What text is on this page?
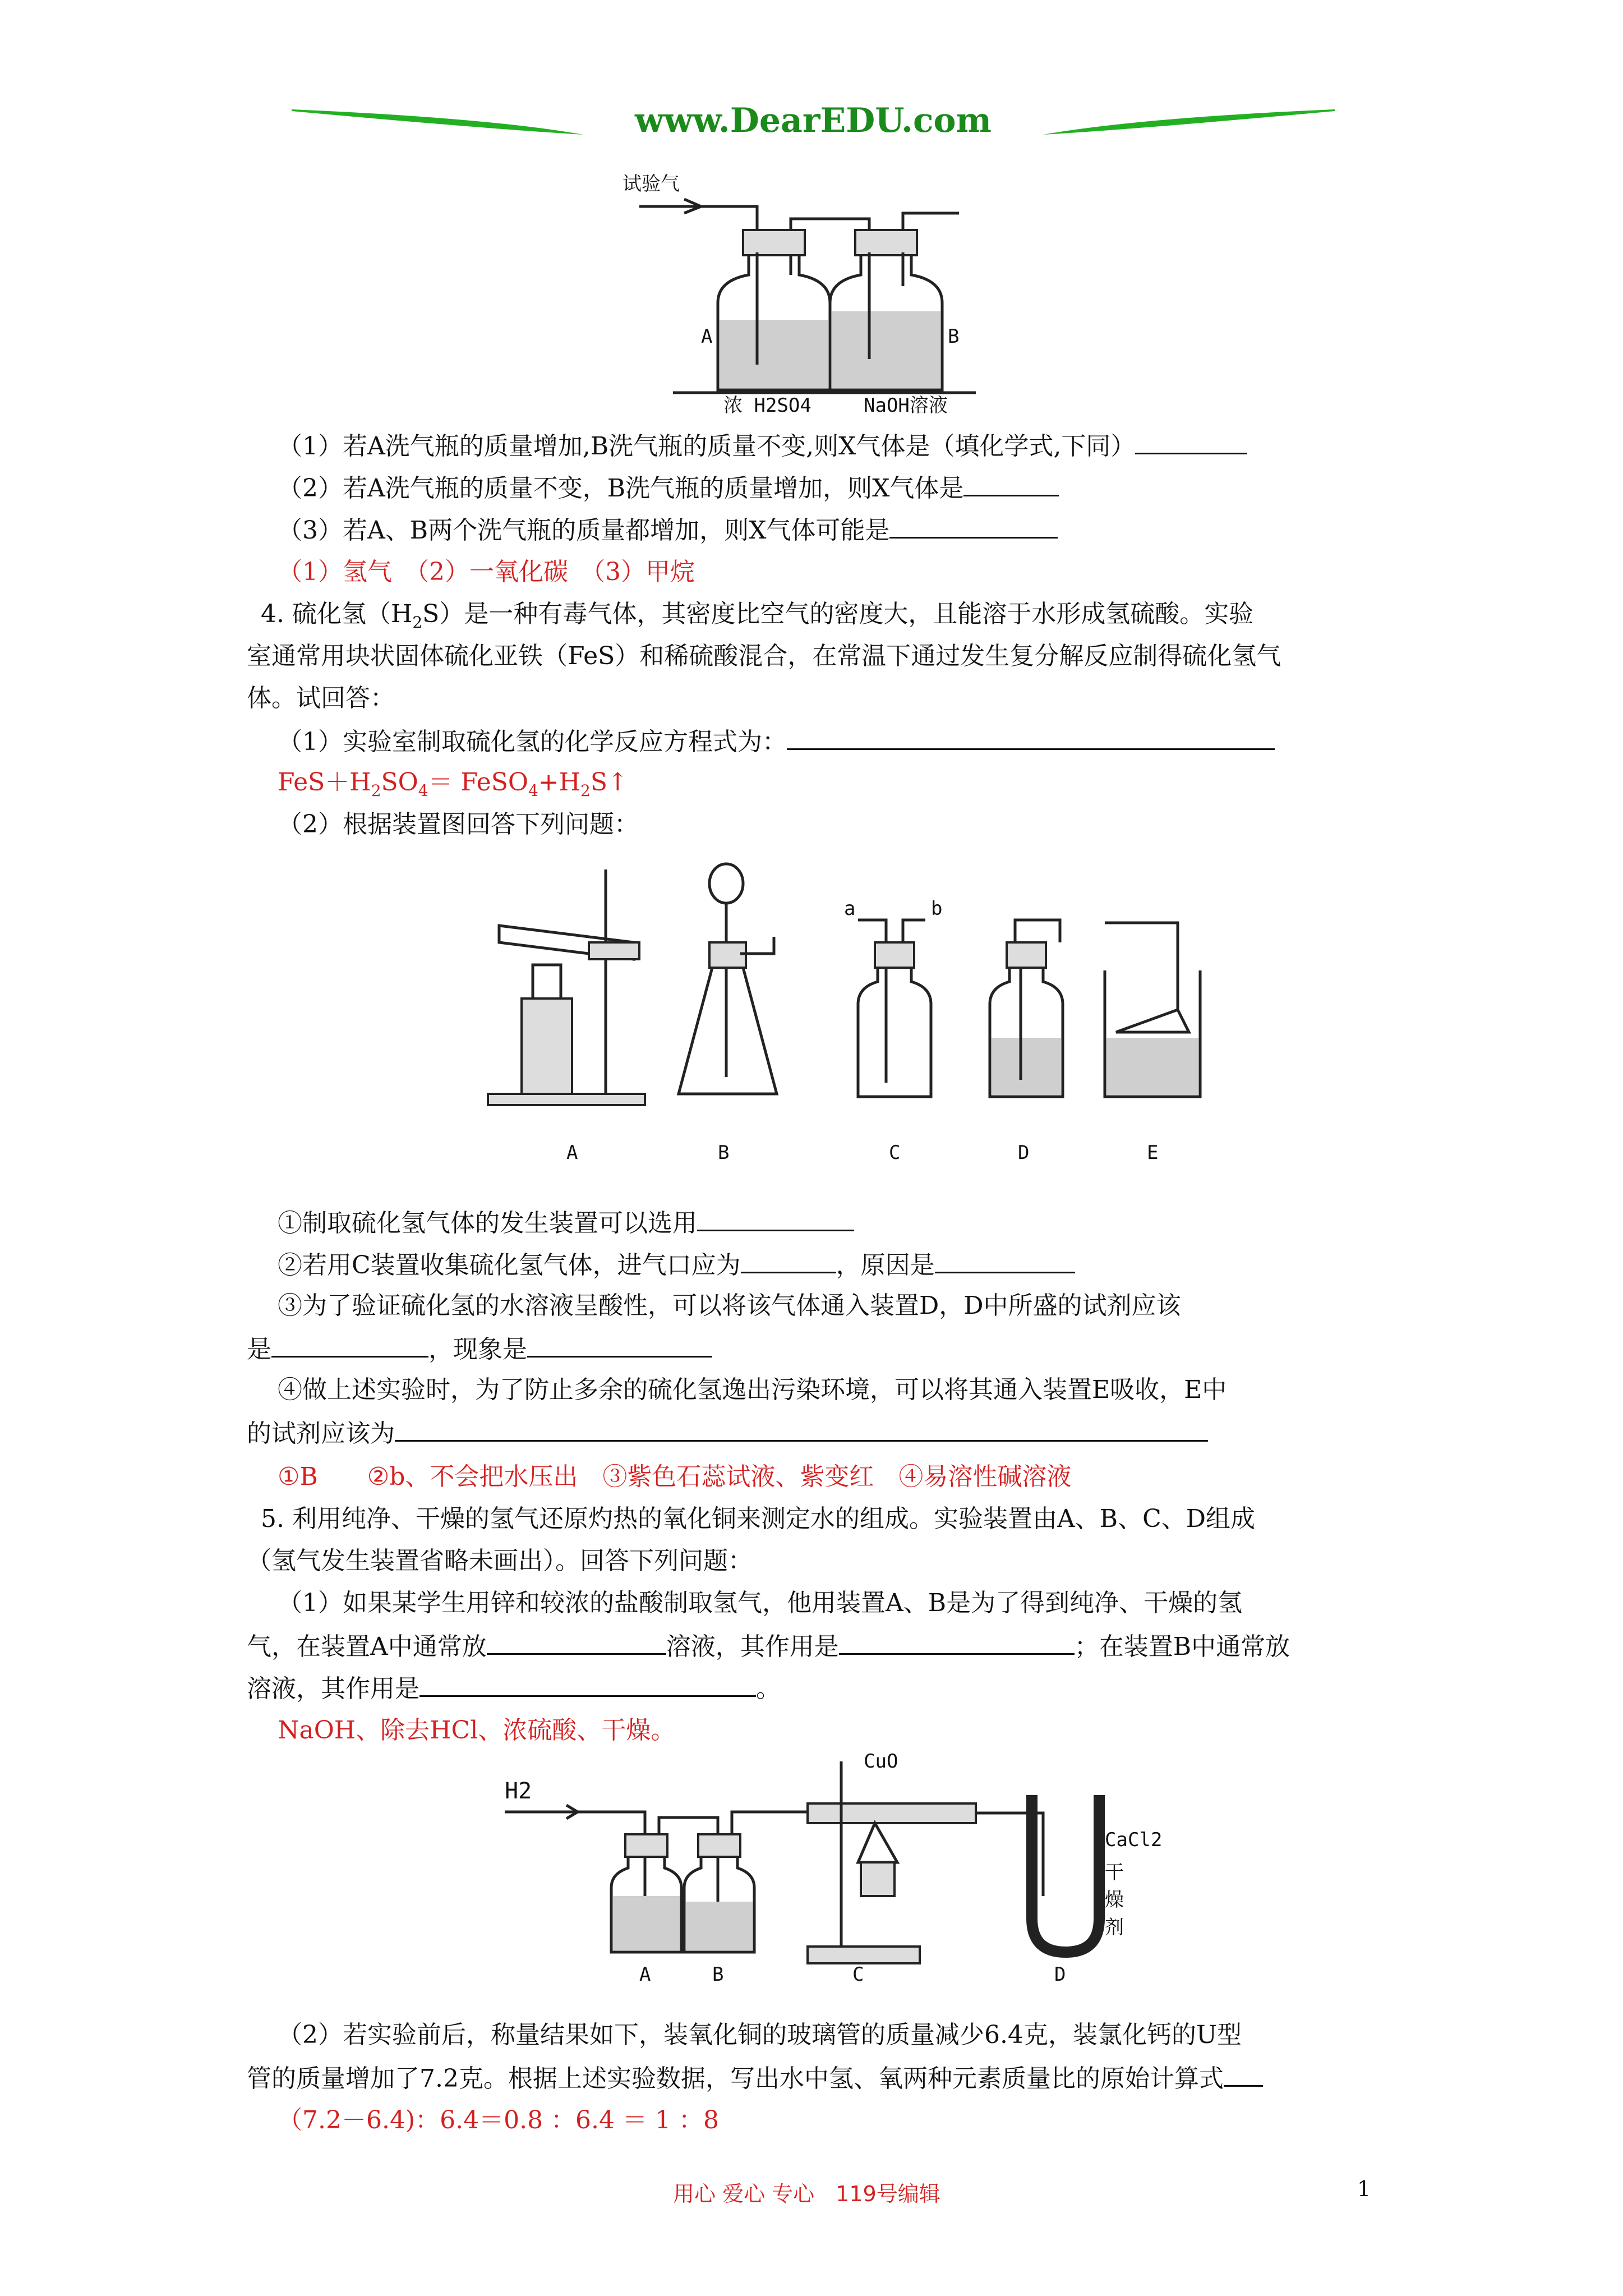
www.DearEDU.com
试验气
A	B
浓 H2SO4	NaOH溶液
（1）若A洗气瓶的质量增加,B洗气瓶的质量不变,则X气体是（填化学式,下同）
（2）若A洗气瓶的质量不变，B洗气瓶的质量增加，则X气体是
（3）若A、B两个洗气瓶的质量都增加，则X气体可能是
（1）氢气　（2）一氧化碳　（3）甲烷
4. 硫化氢$(H_2S)$是一种有毒气体，其密度比空气的密度大，且能溶于水形成氢硫酸。实验
室通常用块状固体硫化亚铁（FeS）和稀硫酸混合，在常温下通过发生复分解反应制得硫化氢气
体。试回答：
（1）实验室制取硫化氢的化学反应方程式为：
$FeS+H_2SO_4=$ $FeSO_4+H_2S↑$
（2）根据装置图回答下列问题：
A	B	C	D	E
a	b
①制取硫化氢气体的发生装置可以选用
②若用C装置收集硫化氢气体，进气口应为	，原因是
③为了验证硫化氢的水溶液呈酸性，可以将该气体通入装置D，D中所盛的试剂应该
是	，现象是
④做上述实验时，为了防止多余的硫化氢逸出污染环境，可以将其通入装置E吸收，E中
的试剂应该为
①B　　②b、不会把水压出　③紫色石蕊试液、紫变红　④易溶性碱溶液
5. 利用纯净、干燥的氢气还原灼热的氧化铜来测定水的组成。实验装置由A、B、C、D组成
（氢气发生装置省略未画出）。回答下列问题：
（1）如果某学生用锌和较浓的盐酸制取氢气，他用装置A、B是为了得到纯净、干燥的氢
气，在装置A中通常放	溶液，其作用是	；在装置B中通常放
溶液，其作用是	。
NaOH、除去HCl、浓硫酸、干燥。
H2
CuO
CaCl2
干燥剂
A	B	C	D
（2）若实验前后，称量结果如下，装氧化铜的玻璃管的质量减少6.4克，装氯化钙的U型
管的质量增加了7.2克。根据上述实验数据，写出水中氢、氧两种元素质量比的原始计算式
（7.2－6.4)：6.4＝0.8 ：6.4 ＝ 1 ：8
用心 爱心 专心　119号编辑	1
